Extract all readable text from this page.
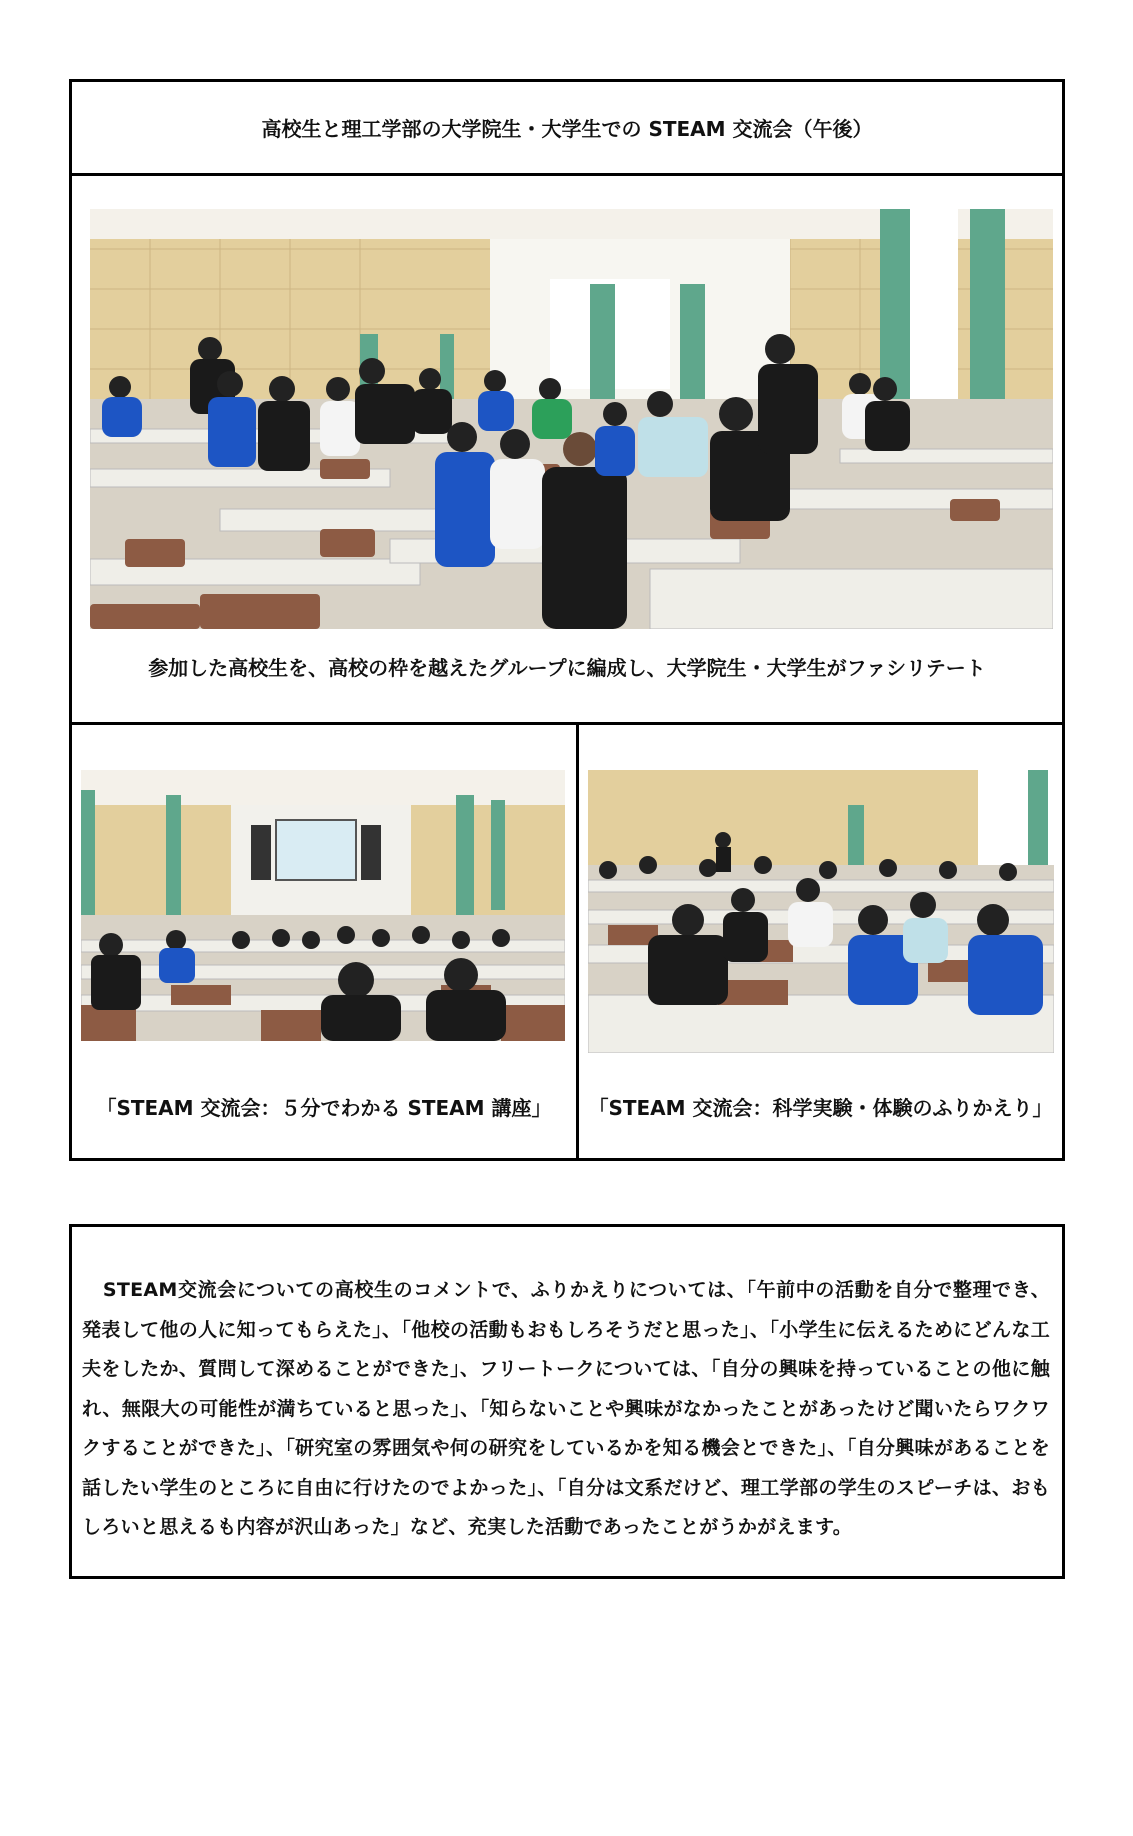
高校生と理工学部の大学院生・大学生での STEAM 交流会（午後）
参加した高校生を、高校の枠を越えたグループに編成し、大学院生・大学生がファシリテート
「STEAM 交流会：５分でわかる STEAM 講座」	「STEAM 交流会：科学実験・体験のふりかえり」
STEAM交流会についての高校生のコメントで、ふりかえりについては、「午前中の活動を自分で整理でき、発表して他の人に知ってもらえた」、「他校の活動もおもしろそうだと思った」、「小学生に伝えるためにどんな工夫をしたか、質問して深めることができた」、フリートークについては、「自分の興味を持っていることの他に触れ、無限大の可能性が満ちていると思った」、「知らないことや興味がなかったことがあったけど聞いたらワクワクすることができた」、「研究室の雰囲気や何の研究をしているかを知る機会とできた」、「自分興味があることを話したい学生のところに自由に行けたのでよかった」、「自分は文系だけど、理工学部の学生のスピーチは、おもしろいと思えるも内容が沢山あった」など、充実した活動であったことがうかがえます。
